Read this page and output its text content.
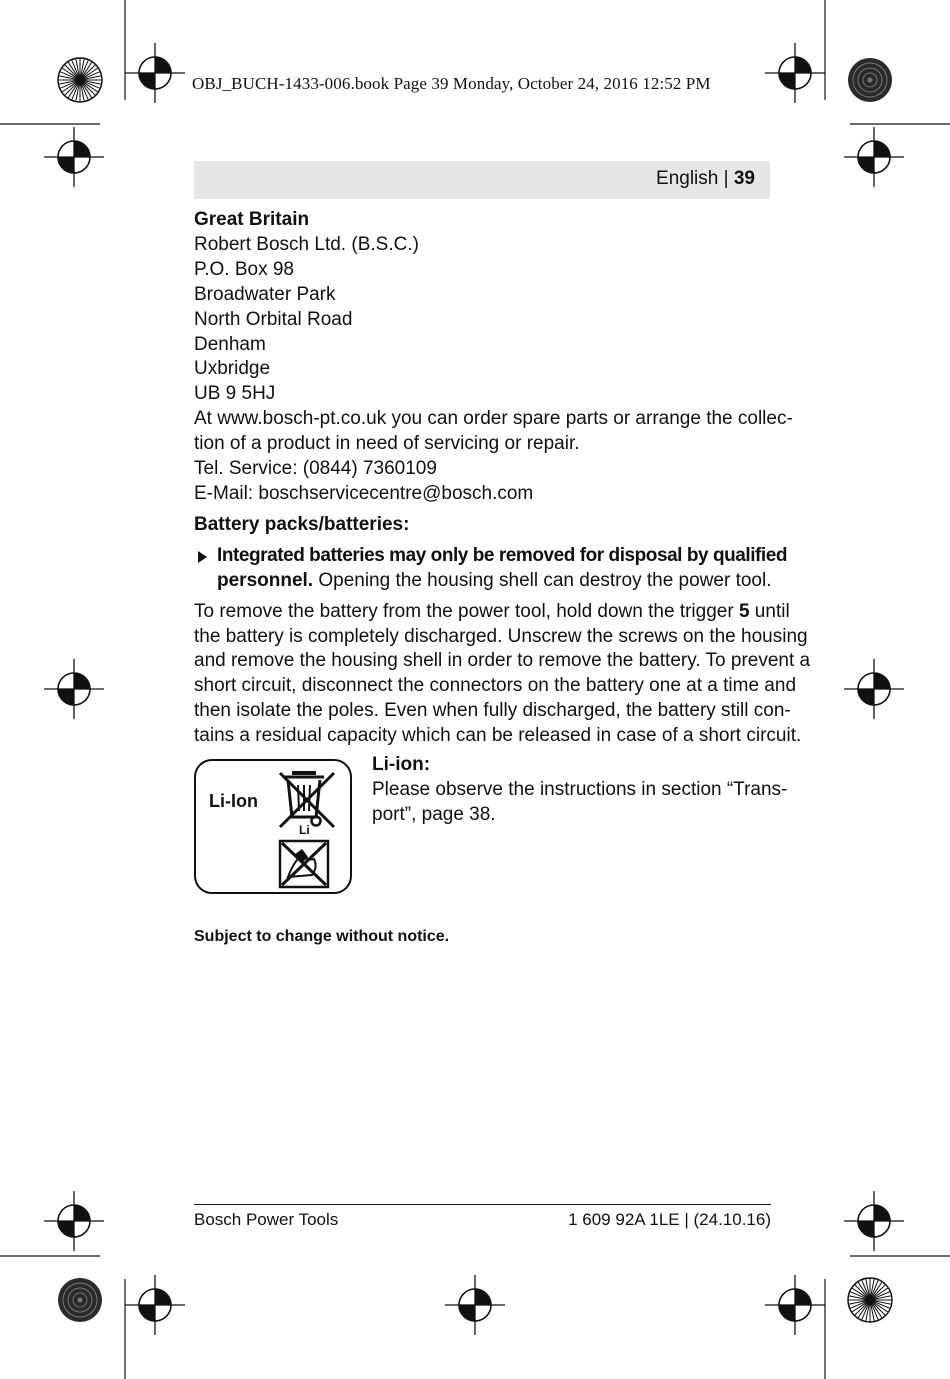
OBJ_BUCH-1433-006.book Page 39 Monday, October 24, 2016 12:52 PM
English | 39

Great Britain

Robert Bosch Ltd. (B.S.C.)
P.O. Box 98
Broadwater Park
North Orbital Road
Denham
Uxbridge
UB 9 5HJ
At www.bosch-pt.co.uk you can order spare parts or arrange the collec-
tion of a product in need of servicing or repair.
Tel. Service: (0844) 7360109
E-Mail: boschservicecentre@bosch.com

Battery packs/batteries:

Integrated batteries may only be removed for disposal by qualified
personnel. Opening the housing shell can destroy the power tool.
To remove the battery from the power tool, hold down the trigger 5 until
the battery is completely discharged. Unscrew the screws on the housing
and remove the housing shell in order to remove the battery. To prevent a
short circuit, disconnect the connectors on the battery one at a time and
then isolate the poles. Even when fully discharged, the battery still con-
tains a residual capacity which can be released in case of a short circuit.
Li-Ion
Li
Li-ion:
Please observe the instructions in section “Trans-
port”, page 38.
Subject to change without notice.
Bosch Power Tools	1 609 92A 1LE | (24.10.16)
